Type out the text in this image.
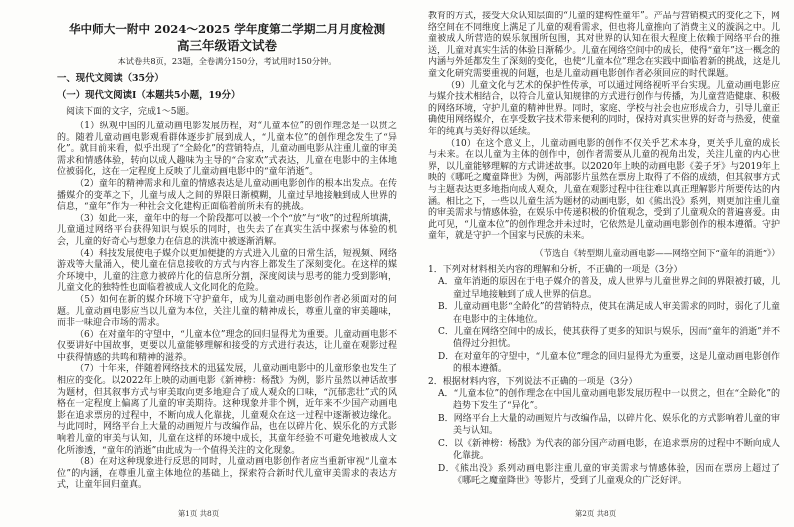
华中师大一附中 2024～2025 学年度第二学期二月月度检测
高三年级语文试卷
本试卷共8页，23题，全卷满分150分，考试用时150分钟。
一、现代文阅读（35分）
（一）现代文阅读Ⅰ（本题共5小题，19分）
阅读下面的文字，完成1～5题。

（1）纵观中国的儿童动画电影发展历程，对“儿童本位”的创作理念是一以贯之的。随着儿童动画电影观看群体逐步扩展到成人，“儿童本位”的创作理念发生了“异化”。就目前来看，似乎出现了“全龄化”的营销特点，儿童动画电影从注重儿童的审美需求和情感体验，转向以成人趣味为主导的“合家欢”式表达，儿童在电影中的主体地位被弱化，这在一定程度上反映了儿童动画电影中的“童年消逝”。

（2）童年的精神需求和儿童的情感表达是儿童动画电影创作的根本出发点。在传播媒介的变革之下，儿童与成人之间的界限日渐模糊，儿童过早地接触到成人世界的信息，“童年”作为一种社会文化建构正面临着前所未有的挑战。

（3）如此一来，童年中的每一个阶段都可以被一个个“放”与“收”的过程所填满，儿童通过网络平台获得知识与娱乐的同时，也失去了在真实生活中探索与体验的机会，儿童的好奇心与想象力在信息的洪流中被逐渐消解。

（4）科技发展使电子媒介以更加便捷的方式进入儿童的日常生活，短视频、网络游戏等大量涌入，使儿童在信息接收的方式与内容上都发生了深刻变化。在这样的媒介环境中，儿童的注意力被碎片化的信息所分割，深度阅读与思考的能力受到影响，儿童文化的独特性也面临着被成人文化同化的危险。

（5）如何在新的媒介环境下守护童年，成为儿童动画电影创作者必须面对的问题。儿童动画电影应当以儿童为本位，关注儿童的精神成长，尊重儿童的审美趣味，而非一味迎合市场的需求。

（6）在对童年的守望中，“儿童本位”理念的回归显得尤为重要。儿童动画电影不仅要讲好中国故事，更要以儿童能够理解和接受的方式进行表达，让儿童在观影过程中获得情感的共鸣和精神的滋养。

（7）十年来，伴随着网络技术的迅猛发展，儿童动画电影中的儿童形象也发生了相应的变化。以2022年上映的动画电影《新神榜：杨戬》为例，影片虽然以神话故事为题材，但其叙事方式与审美取向更多地迎合了成人观众的口味，“沉郁悲壮”式的风格在一定程度上偏离了儿童的审美期待。这种现象并非个例，近年来不少国产动画电影在追求票房的过程中，不断向成人化靠拢，儿童观众在这一过程中逐渐被边缘化。与此同时，网络平台上大量的动画短片与改编作品，也在以碎片化、娱乐化的方式影响着儿童的审美与认知，儿童在这样的环境中成长，其童年经验不可避免地被成人文化所渗透，“童年的消逝”由此成为一个值得关注的文化现象。

（8）在对这种现象进行反思的同时，儿童动画电影创作者应当重新审视“儿童本位”的内涵，在尊重儿童主体地位的基础上，探索符合新时代儿童审美需求的表达方式，让童年回归童真。

第1页 共8页

教育的方式，接受大众认知层面的“儿童的建构性童年”。产品与营销模式的变化之下，网络空间在不同维度上满足了儿童的观看需求，但也将儿童推向了消费主义的漩涡之中。儿童被成人所营造的娱乐氛围所包围，其对世界的认知在很大程度上依赖于网络平台的推送，儿童对真实生活的体验日渐稀少。儿童在网络空间中的成长，使得“童年”这一概念的内涵与外延都发生了深刻的变化，也使“儿童本位”理念在实践中面临着新的挑战，这是儿童文化研究需要重视的问题，也是儿童动画电影创作者必须回应的时代课题。

（9）儿童文化与艺术的保护性传承，可以通过网络视听平台实现。儿童动画电影应与媒介技术相结合，以符合儿童认知规律的方式进行创作与传播，为儿童营造健康、积极的网络环境，守护儿童的精神世界。同时，家庭、学校与社会也应形成合力，引导儿童正确使用网络媒介，在享受数字技术带来便利的同时，保持对真实世界的好奇与热爱，使童年的纯真与美好得以延续。

（10）在这个意义上，儿童动画电影的创作不仅关乎艺术本身，更关乎儿童的成长与未来。在以儿童为主体的创作中，创作者需要从儿童的视角出发，关注儿童的内心世界，以儿童能够理解的方式讲述故事。以2020年上映的动画电影《姜子牙》与2019年上映的《哪吒之魔童降世》为例，两部影片虽然在票房上取得了不俗的成绩，但其叙事方式与主题表达更多地指向成人观众，儿童在观影过程中往往难以真正理解影片所要传达的内涵。相比之下，一些以儿童生活为题材的动画电影，如《熊出没》系列，则更加注重儿童的审美需求与情感体验，在娱乐中传递积极的价值观念，受到了儿童观众的普遍喜爱。由此可见，“儿童本位”的创作理念并未过时，它依然是儿童动画电影创作的根本遵循。守护童年，就是守护一个国家与民族的未来。

（节选自《转型期儿童动画电影——网络空间下“童年的消逝”》）
1．下列对材料相关内容的理解和分析，不正确的一项是（3分）
A．童年消逝的原因在于电子媒介的普及，成人世界与儿童世界之间的界限被打破，儿童过早地接触到了成人世界的信息。
B．儿童动画电影“全龄化”的营销特点，使其在满足成人审美需求的同时，弱化了儿童在电影中的主体地位。
C．儿童在网络空间中的成长，使其获得了更多的知识与娱乐，因而“童年的消逝”并不值得过分担忧。
D．在对童年的守望中，“儿童本位”理念的回归显得尤为重要，这是儿童动画电影创作的根本遵循。
2．根据材料内容，下列说法不正确的一项是（3分）
A．“儿童本位”的创作理念在中国儿童动画电影发展历程中一以贯之，但在“全龄化”的趋势下发生了“异化”。
B．网络平台上大量的动画短片与改编作品，以碎片化、娱乐化的方式影响着儿童的审美与认知。
C．以《新神榜：杨戬》为代表的部分国产动画电影，在追求票房的过程中不断向成人化靠拢。
D．《熊出没》系列动画电影注重儿童的审美需求与情感体验，因而在票房上超过了《哪吒之魔童降世》等影片，受到了儿童观众的广泛好评。
第2页 共8页
